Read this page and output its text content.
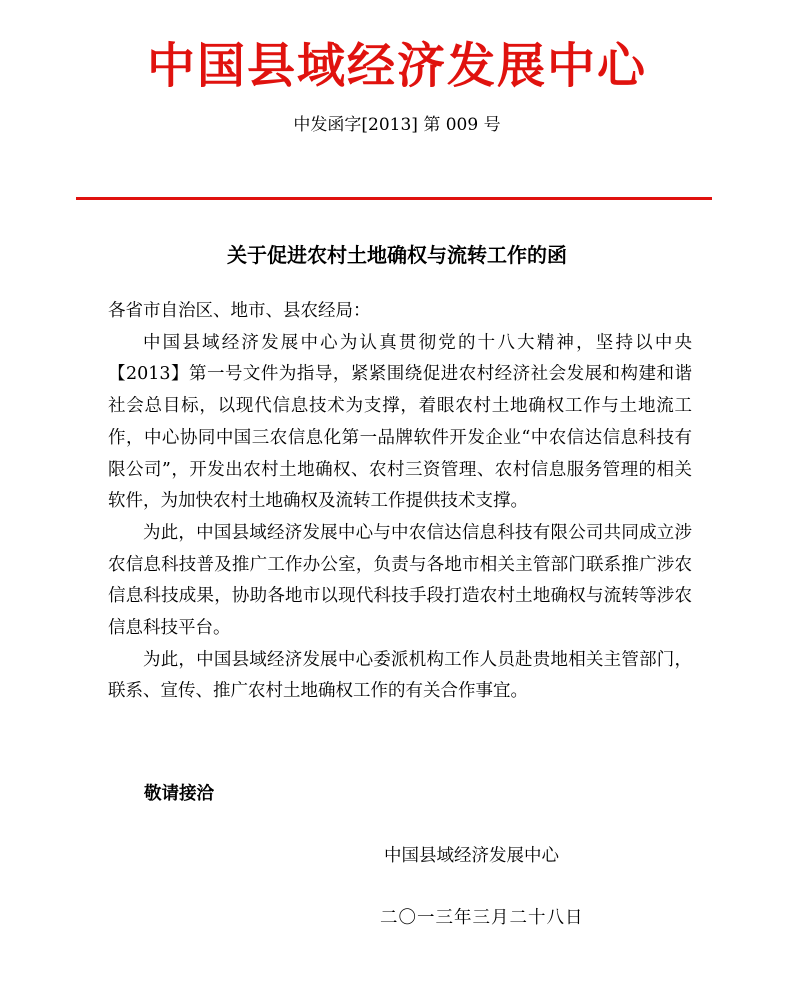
中国县域经济发展中心
中发函字[2013] 第 009 号
关于促进农村土地确权与流转工作的函

各省市自治区、地市、县农经局：

中国县域经济发展中心为认真贯彻党的十八大精神，坚持以中央【2013】第一号文件为指导，紧紧围绕促进农村经济社会发展和构建和谐社会总目标，以现代信息技术为支撑，着眼农村土地确权工作与土地流工作，中心协同中国三农信息化第一品牌软件开发企业“中农信达信息科技有限公司”，开发出农村土地确权、农村三资管理、农村信息服务管理的相关软件，为加快农村土地确权及流转工作提供技术支撑。

为此，中国县域经济发展中心与中农信达信息科技有限公司共同成立涉农信息科技普及推广工作办公室，负责与各地市相关主管部门联系推广涉农信息科技成果，协助各地市以现代科技手段打造农村土地确权与流转等涉农信息科技平台。

为此，中国县域经济发展中心委派机构工作人员赴贵地相关主管部门，联系、宣传、推广农村土地确权工作的有关合作事宜。

敬请接洽
中国县域经济发展中心
二〇一三年三月二十八日
